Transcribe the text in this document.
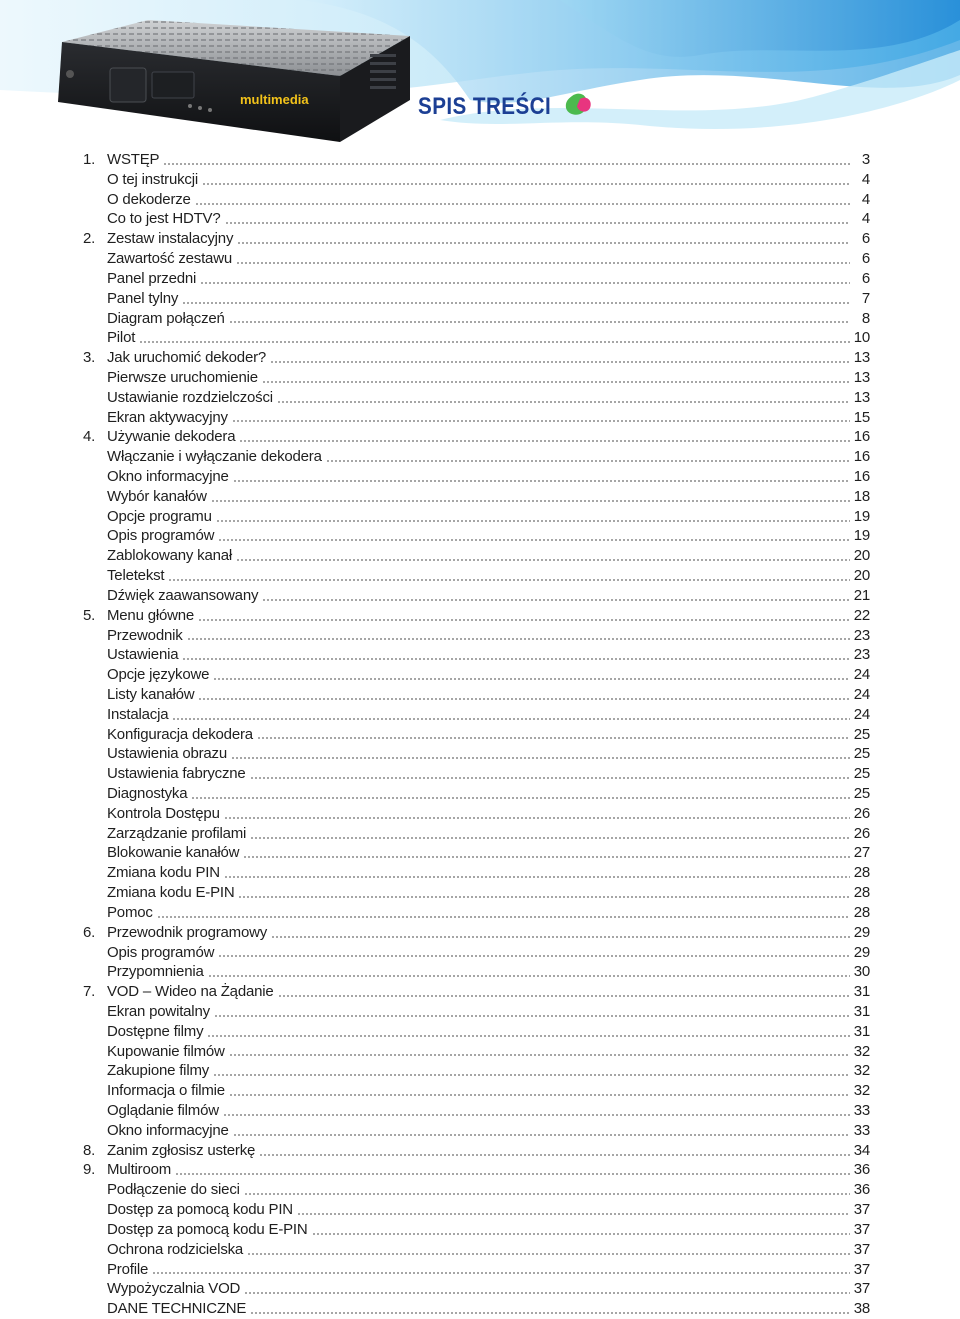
multimedia	SPIS TREŚCI
1. WSTĘP	3
O tej instrukcji	4
O dekoderze	4
Co to jest HDTV?	4
2. Zestaw instalacyjny	6
Zawartość zestawu	6
Panel przedni	6
Panel tylny	7
Diagram połączeń	8
Pilot	10
3. Jak uruchomić dekoder?	13
Pierwsze uruchomienie	13
Ustawianie rozdzielczości	13
Ekran aktywacyjny	15
4. Używanie dekodera	16
Włączanie i wyłączanie dekodera	16
Okno informacyjne	16
Wybór kanałów	18
Opcje programu	19
Opis programów	19
Zablokowany kanał	20
Teletekst	20
Dźwięk zaawansowany	21
5. Menu główne	22
Przewodnik	23
Ustawienia	23
Opcje językowe	24
Listy kanałów	24
Instalacja	24
Konfiguracja dekodera	25
Ustawienia obrazu	25
Ustawienia fabryczne	25
Diagnostyka	25
Kontrola Dostępu	26
Zarządzanie profilami	26
Blokowanie kanałów	27
Zmiana kodu PIN	28
Zmiana kodu E-PIN	28
Pomoc	28
6. Przewodnik programowy	29
Opis programów	29
Przypomnienia	30
7. VOD – Wideo na Żądanie	31
Ekran powitalny	31
Dostępne filmy	31
Kupowanie filmów	32
Zakupione filmy	32
Informacja o filmie	32
Oglądanie filmów	33
Okno informacyjne	33
8. Zanim zgłosisz usterkę	34
9. Multiroom	36
Podłączenie do sieci	36
Dostęp za pomocą kodu PIN	37
Dostęp za pomocą kodu E-PIN	37
Ochrona rodzicielska	37
Profile	37
Wypożyczalnia VOD	37
DANE TECHNICZNE	38
